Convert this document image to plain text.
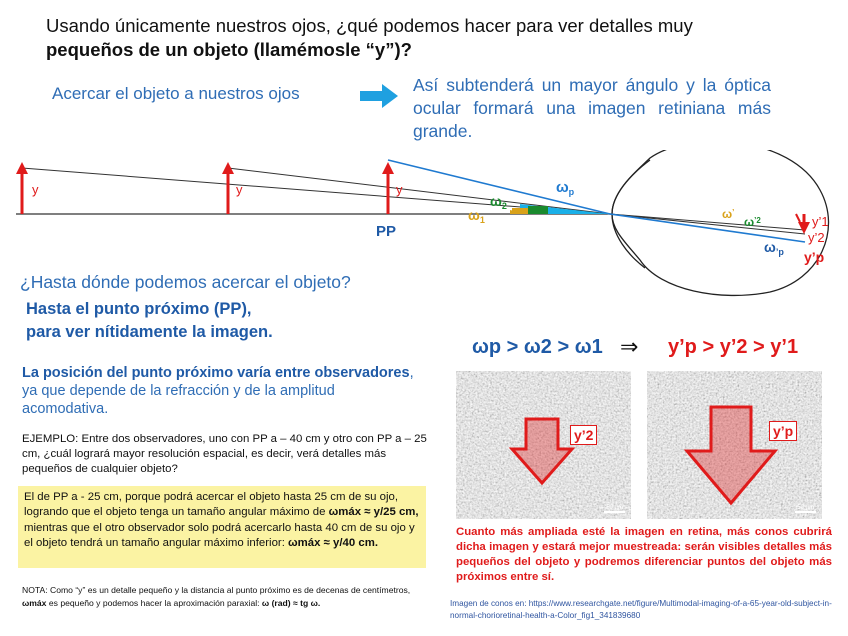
Usando únicamente nuestros ojos, ¿qué podemos hacer para ver detalles muy
pequeños de un objeto (llamémosle “y”)?
Acercar el objeto a nuestros ojos	Así subtenderá un mayor ángulo y la óptica ocular formará una imagen retiniana más grande.
y	y	y
PP
$\omega_1$
$\omega_2$
$\omega_p$
ω’
$\omega^{’2}$
$\omega_{’p}$
y’1
y’2
y’p
¿Hasta dónde podemos acercar el objeto?
Hasta el punto próximo (PP),
para ver nítidamente la imagen.
La posición del punto próximo varía entre observadores, ya que depende de la refracción y de la amplitud acomodativa.
EJEMPLO: Entre dos observadores, uno con PP a – 40 cm y otro con PP a – 25 cm, ¿cuál logrará mayor resolución espacial, es decir, verá detalles más pequeños de cualquier objeto?
El de PP a - 25 cm, porque podrá acercar el objeto hasta 25 cm de su ojo, logrando que el objeto tenga un tamaño angular máximo de ωmáx ≈ y/25 cm, mientras que el otro observador solo podrá acercarlo hasta 40 cm de su ojo y el objeto tendrá un tamaño angular máximo inferior: ωmáx ≈ y/40 cm.
NOTA: Como “y” es un detalle pequeño y la distancia al punto próximo es de decenas de centímetros, ωmáx es pequeño y podemos hacer la aproximación paraxial: ω (rad) ≈ tg ω.
ωp > ω2 > ω1 ⇒ y’p > y’2 > y’1
y’2
50 µm
y’p
50 µm
Cuanto más ampliada esté la imagen en retina, más conos cubrirá dicha imagen y estará mejor muestreada: serán visibles detalles más pequeños del objeto y podremos diferenciar puntos del objeto más próximos entre sí.
Imagen de conos en: https://www.researchgate.net/figure/Multimodal-imaging-of-a-65-year-old-subject-in-normal-chorioretinal-health-a-Color_fig1_341839680
